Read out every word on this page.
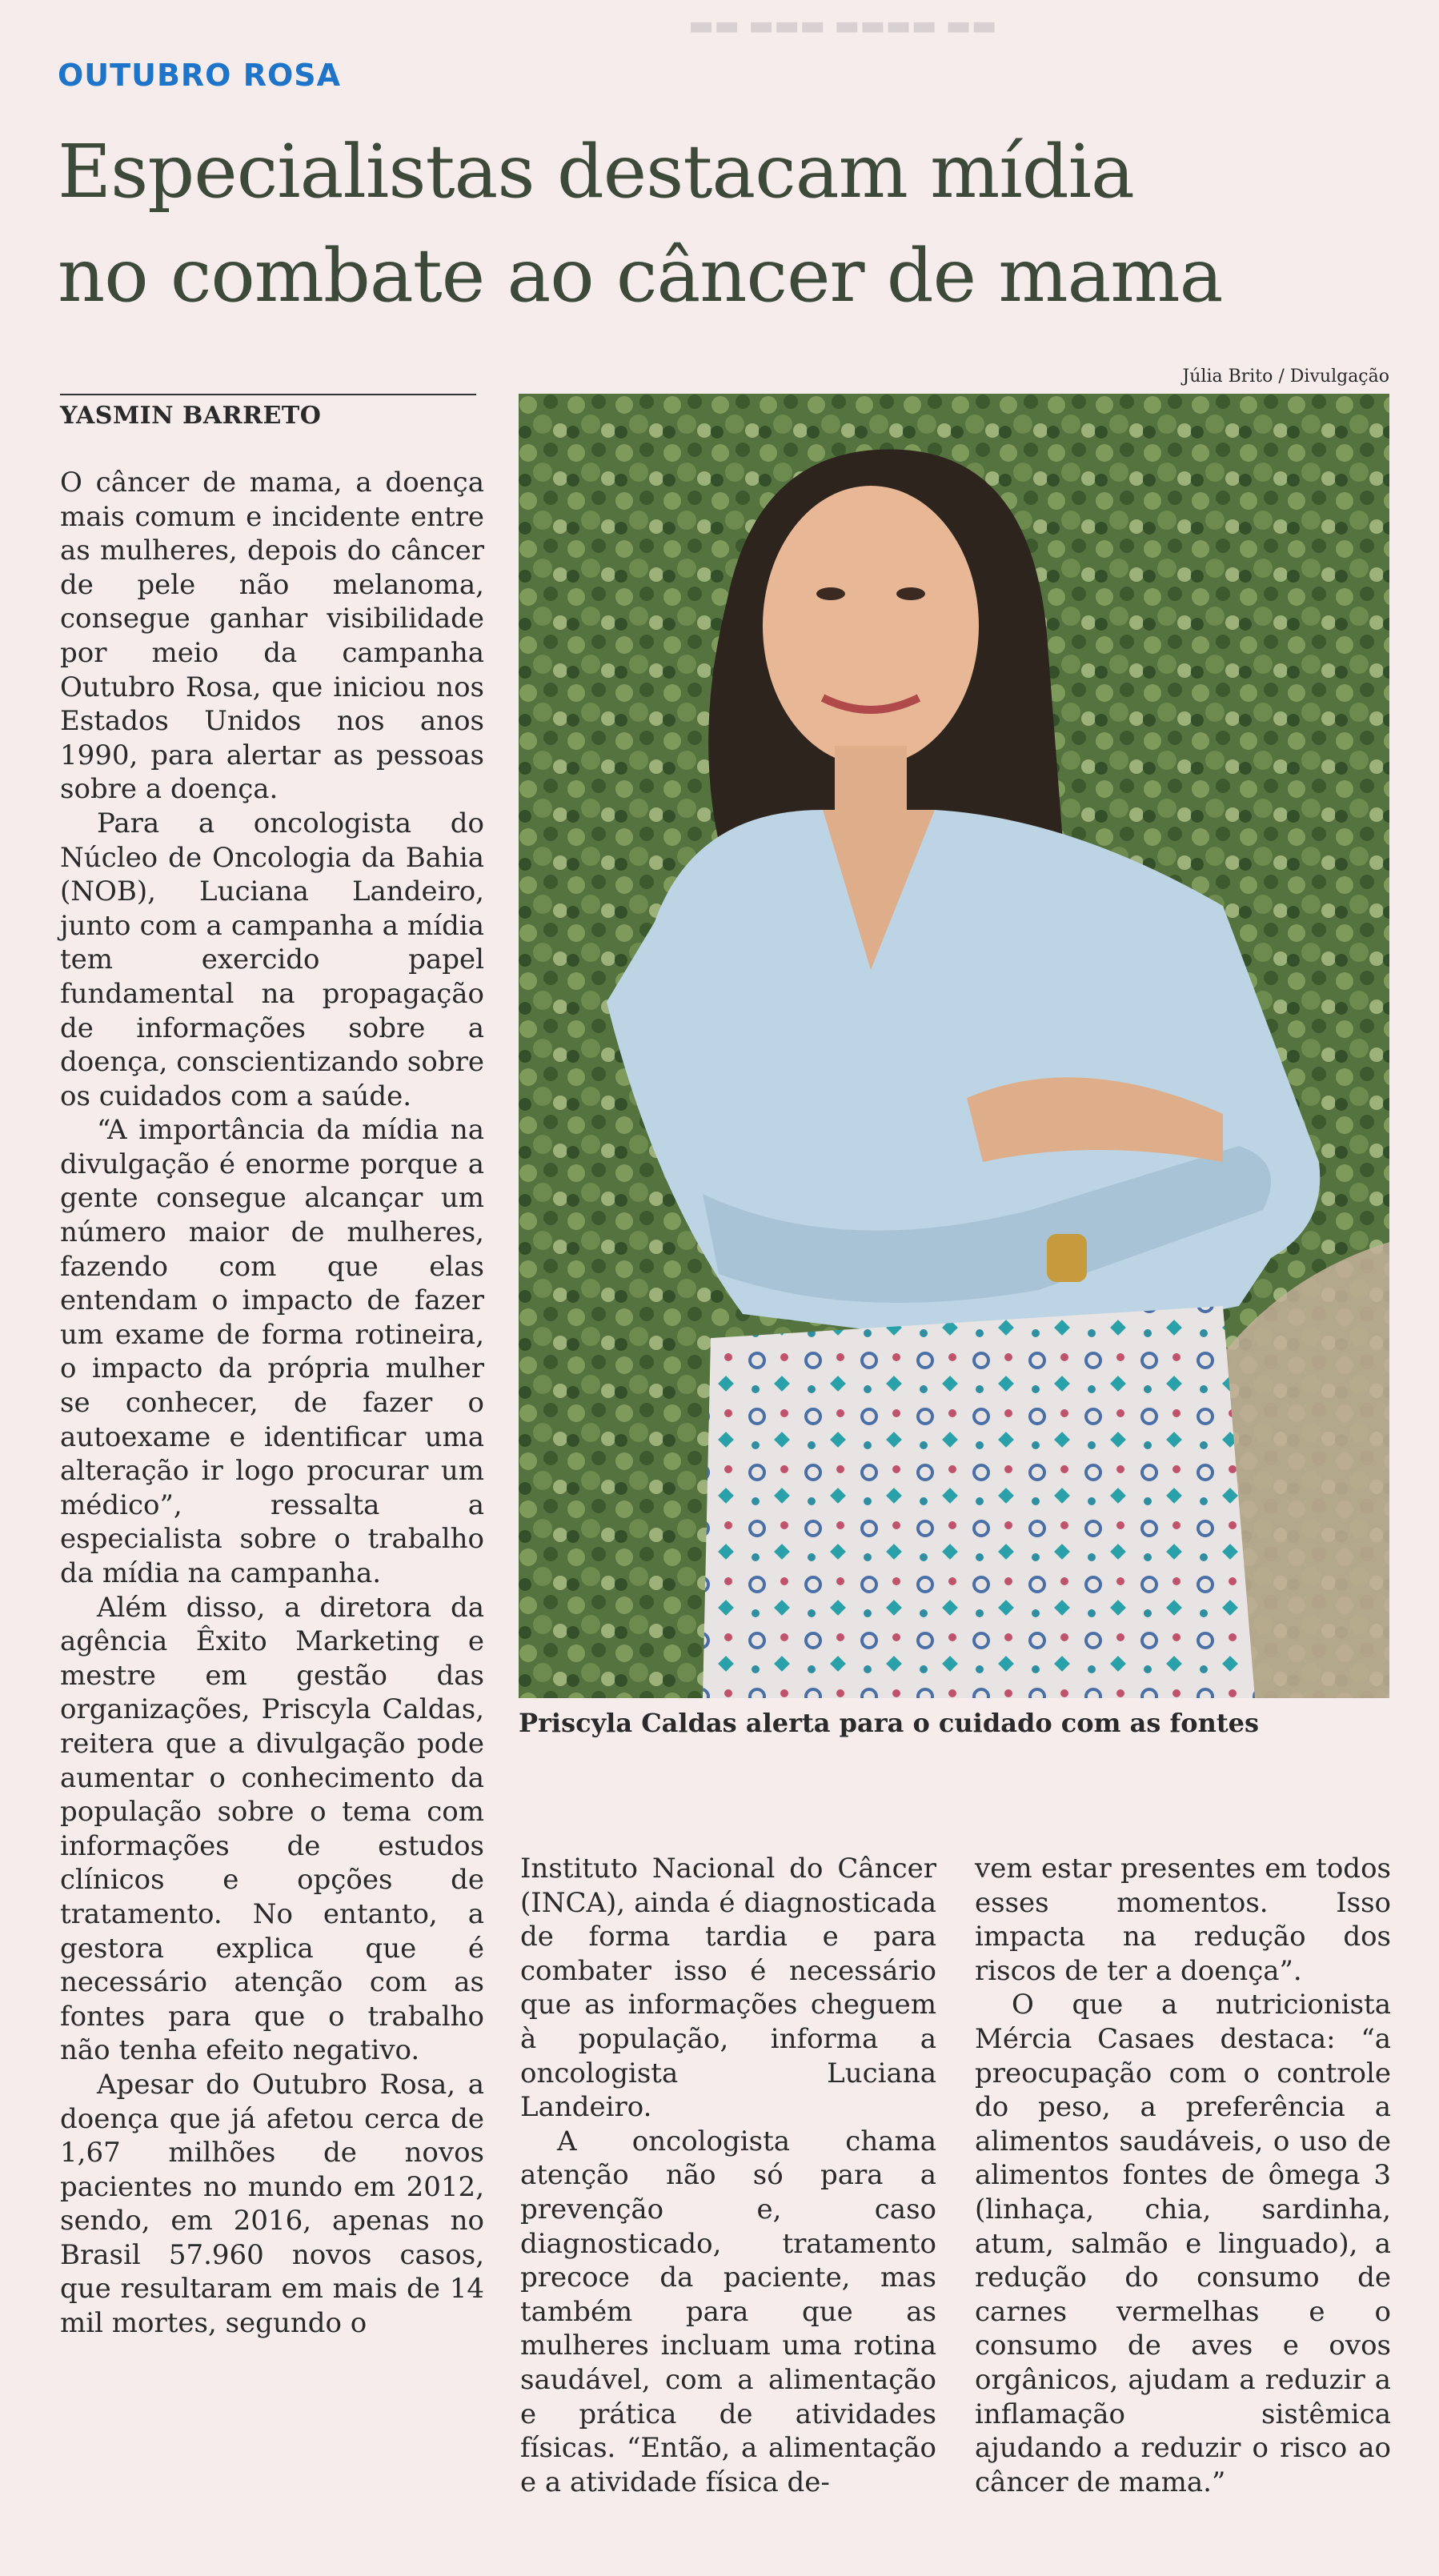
▬▬ ▬▬▬ ▬▬▬▬ ▬▬
OUTUBRO ROSA
Especialistas destacam mídia
no combate ao câncer de mama
YASMIN BARRETO
Júlia Brito / Divulgação
Priscyla Caldas alerta para o cuidado com as fontes

O câncer de mama, a doença mais comum e incidente entre as mulheres, depois do câncer de pele não melanoma, consegue ganhar visibilidade por meio da campanha Outubro Rosa, que iniciou nos Estados Unidos nos anos 1990, para alertar as pessoas sobre a doença.

Para a oncologista do Núcleo de Oncologia da Bahia (NOB), Luciana Landeiro, junto com a campanha a mídia tem exercido papel fundamental na propagação de informações sobre a doença, conscientizando sobre os cuidados com a saúde.

“A importância da mídia na divulgação é enorme porque a gente consegue alcançar um número maior de mulheres, fazendo com que elas entendam o impacto de fazer um exame de forma rotineira, o impacto da própria mulher se conhecer, de fazer o autoexame e identificar uma alteração ir logo procurar um médico”, ressalta a especialista sobre o trabalho da mídia na campanha.

Além disso, a diretora da agência Êxito Marketing e mestre em gestão das organizações, Priscyla Caldas, reitera que a divulgação pode aumentar o conhecimento da população sobre o tema com informações de estudos clínicos e opções de tratamento. No entanto, a gestora explica que é necessário atenção com as fontes para que o trabalho não tenha efeito negativo.

Apesar do Outubro Rosa, a doença que já afetou cerca de 1,67 milhões de novos pacientes no mundo em 2012, sendo, em 2016, apenas no Brasil 57.960 novos casos, que resultaram em mais de 14 mil mortes, segundo o

Instituto Nacional do Câncer (INCA), ainda é diagnosticada de forma tardia e para combater isso é necessário que as informações cheguem à população, informa a oncologista Luciana Landeiro.

A oncologista chama atenção não só para a prevenção e, caso diagnosticado, tratamento precoce da paciente, mas também para que as mulheres incluam uma rotina saudável, com a alimentação e prática de atividades físicas. “Então, a alimentação e a atividade física de-

vem estar presentes em todos esses momentos. Isso impacta na redução dos riscos de ter a doença”.

O que a nutricionista Mércia Casaes destaca: “a preocupação com o controle do peso, a preferência a alimentos saudáveis, o uso de alimentos fontes de ômega 3 (linhaça, chia, sardinha, atum, salmão e linguado), a redução do consumo de carnes vermelhas e o consumo de aves e ovos orgânicos, ajudam a reduzir a inflamação sistêmica ajudando a reduzir o risco ao câncer de mama.”
